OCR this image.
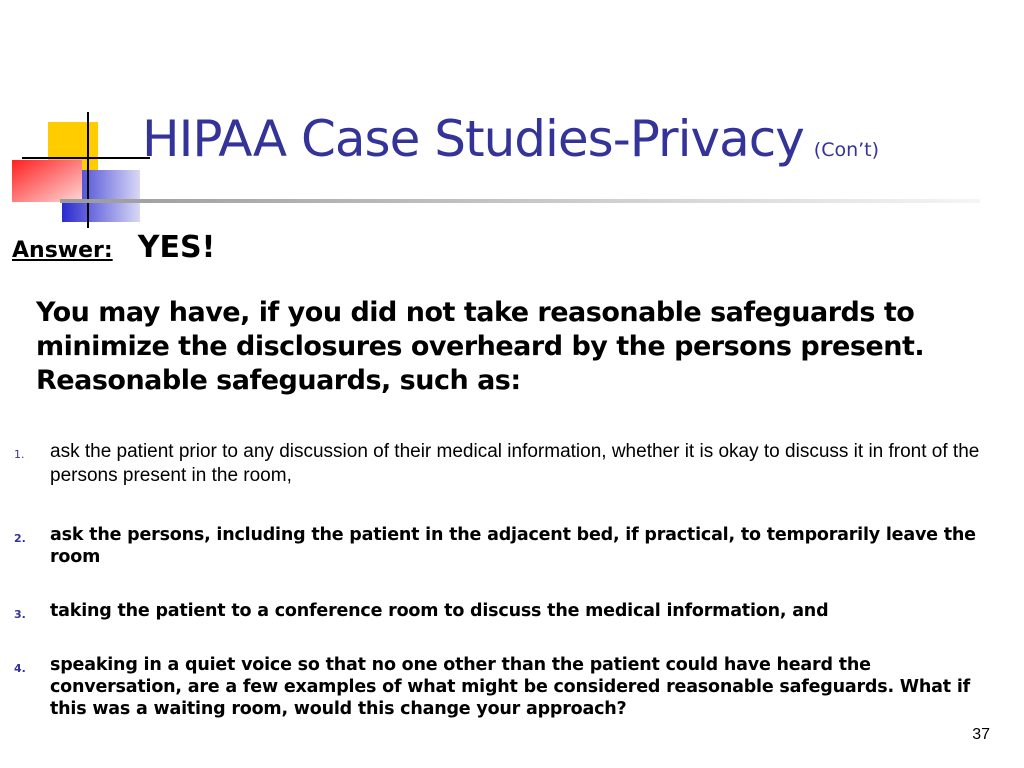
HIPAA Case Studies-Privacy (Con’t)
Answer: YES!
You may have, if you did not take reasonable safeguards to minimize the disclosures overheard by the persons present. Reasonable safeguards, such as:
1. ask the patient prior to any discussion of their medical information, whether it is okay to discuss it in front of the persons present in the room,
2. ask the persons, including the patient in the adjacent bed, if practical, to temporarily leave the room
3. taking the patient to a conference room to discuss the medical information, and
4. speaking in a quiet voice so that no one other than the patient could have heard the conversation, are a few examples of what might be considered reasonable safeguards. What if this was a waiting room, would this change your approach?
37
